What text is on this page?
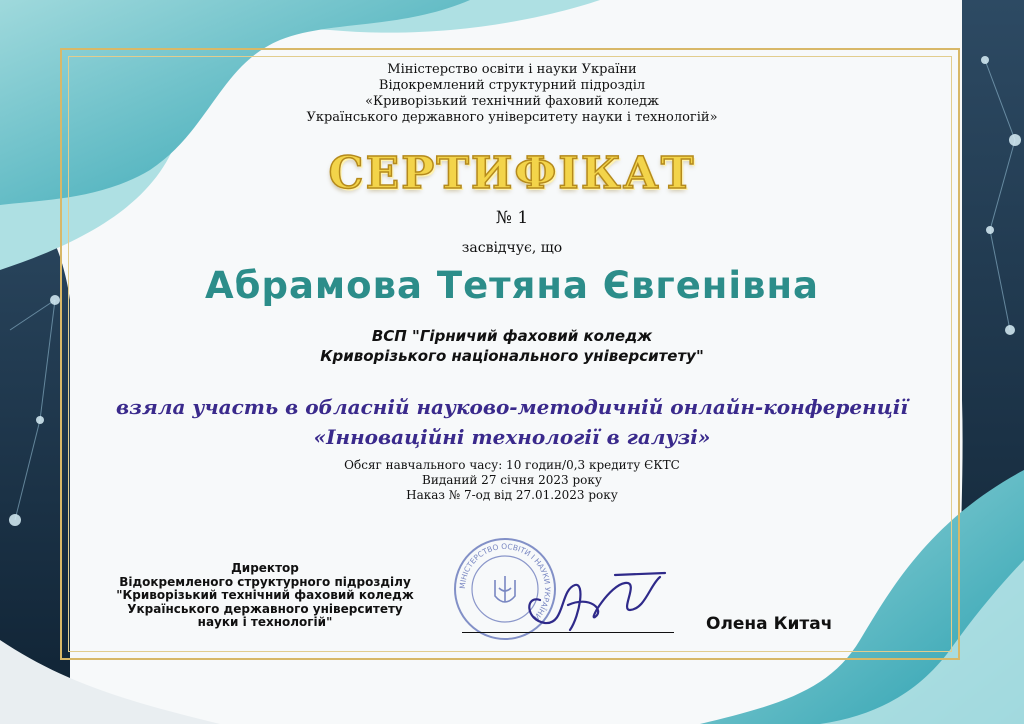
Міністерство освіти і науки України
Відокремлений структурний підрозділ
«Криворізький технічний фаховий коледж
Українського державного університету науки і технологій»
СЕРТИФІКАТ
№ 1
засвідчує, що
Абрамова Тетяна Євгенівна
ВСП "Гірничий фаховий коледж
Криворізького національного університету"
взяла участь в обласній науково-методичній онлайн-конференції
«Інноваційні технології в галузі»
Обсяг навчального часу: 10 годин/0,3 кредиту ЄКТС
Виданий 27 січня 2023 року
Наказ № 7-од від 27.01.2023 року
Директор
Відокремленого структурного підрозділу
"Криворізький технічний фаховий коледж
Українського державного університету
науки і технологій"
МІНІСТЕРСТВО ОСВІТИ І НАУКИ УКРАЇНИ	Олена Китач
